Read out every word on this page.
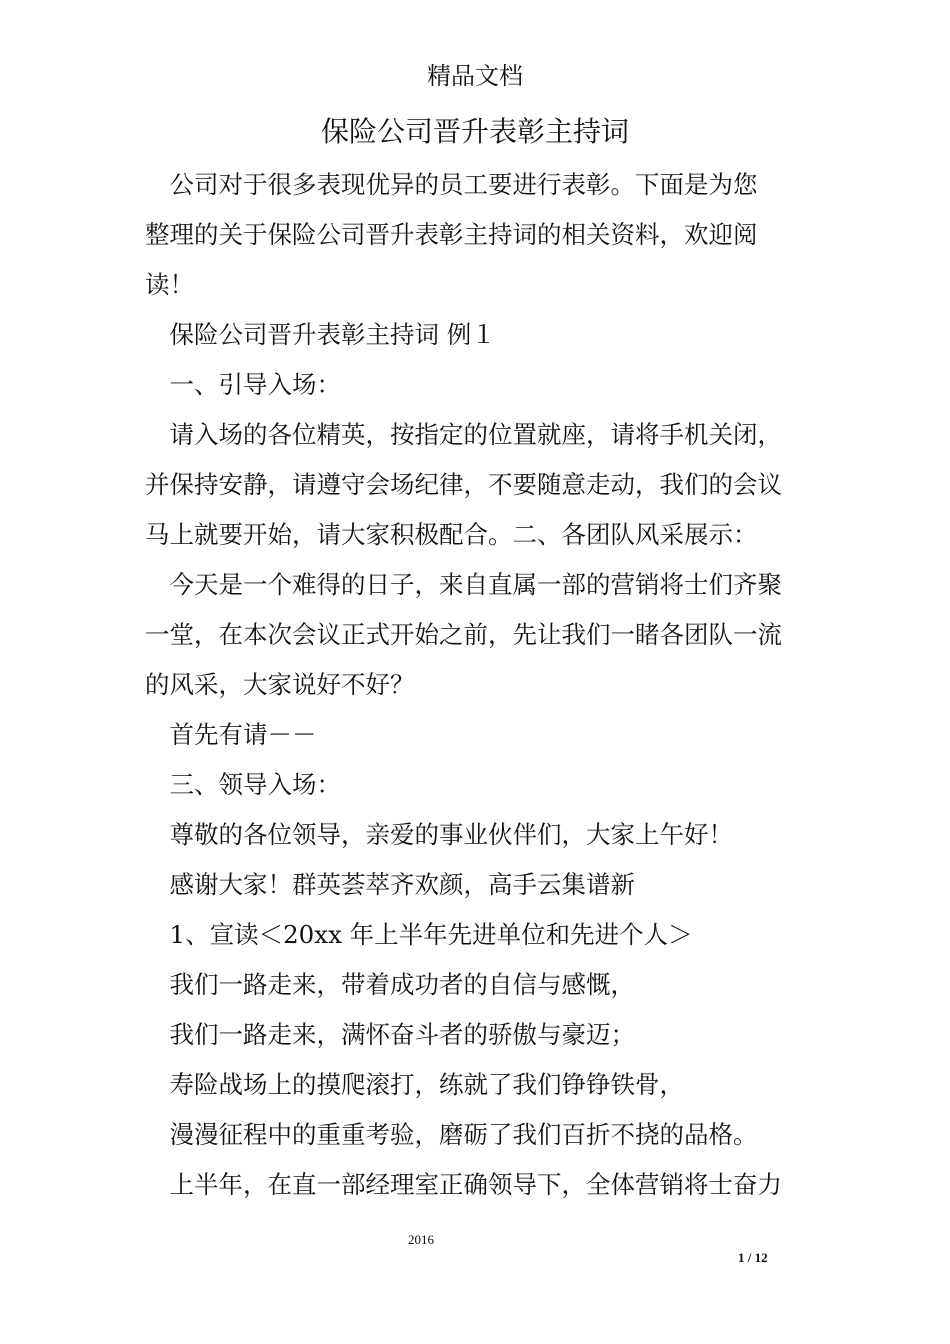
精品文档
保险公司晋升表彰主持词
　公司对于很多表现优异的员工要进行表彰。下面是为您
整理的关于保险公司晋升表彰主持词的相关资料，欢迎阅
读！
　保险公司晋升表彰主持词 例１
　一、引导入场：
　请入场的各位精英，按指定的位置就座，请将手机关闭，
并保持安静，请遵守会场纪律，不要随意走动，我们的会议
马上就要开始，请大家积极配合。二、各团队风采展示：
　今天是一个难得的日子，来自直属一部的营销将士们齐聚
一堂，在本次会议正式开始之前，先让我们一睹各团队一流
的风采，大家说好不好？
　首先有请－－
　三、领导入场：
　尊敬的各位领导，亲爱的事业伙伴们，大家上午好！
　感谢大家！群英荟萃齐欢颜，高手云集谱新
　1、宣读＜20xx 年上半年先进单位和先进个人＞
　我们一路走来，带着成功者的自信与感慨，
　我们一路走来，满怀奋斗者的骄傲与豪迈；
　寿险战场上的摸爬滚打，练就了我们铮铮铁骨，
　漫漫征程中的重重考验，磨砺了我们百折不挠的品格。
　上半年，在直一部经理室正确领导下，全体营销将士奋力
2016
1 / 12
